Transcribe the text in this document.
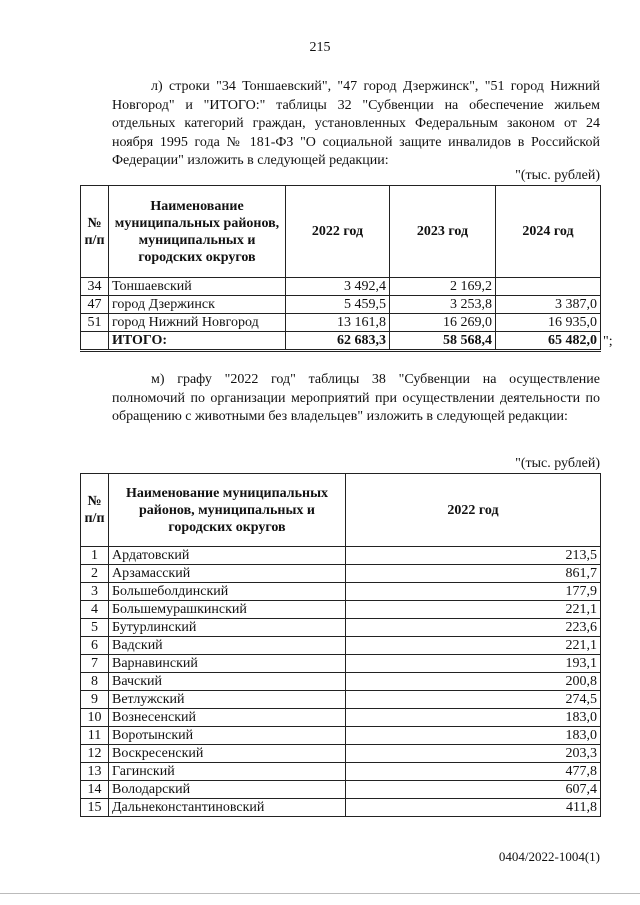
215

л) строки "34 Тоншаевский", "47 город Дзержинск", "51 город Нижний Новгород" и "ИТОГО:" таблицы 32 "Субвенции на обеспечение жильем отдельных категорий граждан, установленных Федеральным законом от 24 ноября 1995 года № 181-ФЗ "О социальной защите инвалидов в Российской Федерации" изложить в следующей редакции:

"(тыс. рублей)
№ п/п	Наименование муниципальных районов, муниципальных и городских округов	2022 год	2023 год	2024 год
34	Тоншаевский	3 492,4	2 169,2	
47	город Дзержинск	5 459,5	3 253,8	3 387,0
51	город Нижний Новгород	13 161,8	16 269,0	16 935,0
	ИТОГО:	62 683,3	58 568,4	65 482,0 ";

м) графу "2022 год" таблицы 38 "Субвенции на осуществление полномочий по организации мероприятий при осуществлении деятельности по обращению с животными без владельцев" изложить в следующей редакции:

"(тыс. рублей)
№ п/п	Наименование муниципальных районов, муниципальных и городских округов	2022 год
1	Ардатовский	213,5
2	Арзамасский	861,7
3	Большеболдинский	177,9
4	Большемурашкинский	221,1
5	Бутурлинский	223,6
6	Вадский	221,1
7	Варнавинский	193,1
8	Вачский	200,8
9	Ветлужский	274,5
10	Вознесенский	183,0
11	Воротынский	183,0
12	Воскресенский	203,3
13	Гагинский	477,8
14	Володарский	607,4
15	Дальнеконстантиновский	411,8
0404/2022-1004(1)
